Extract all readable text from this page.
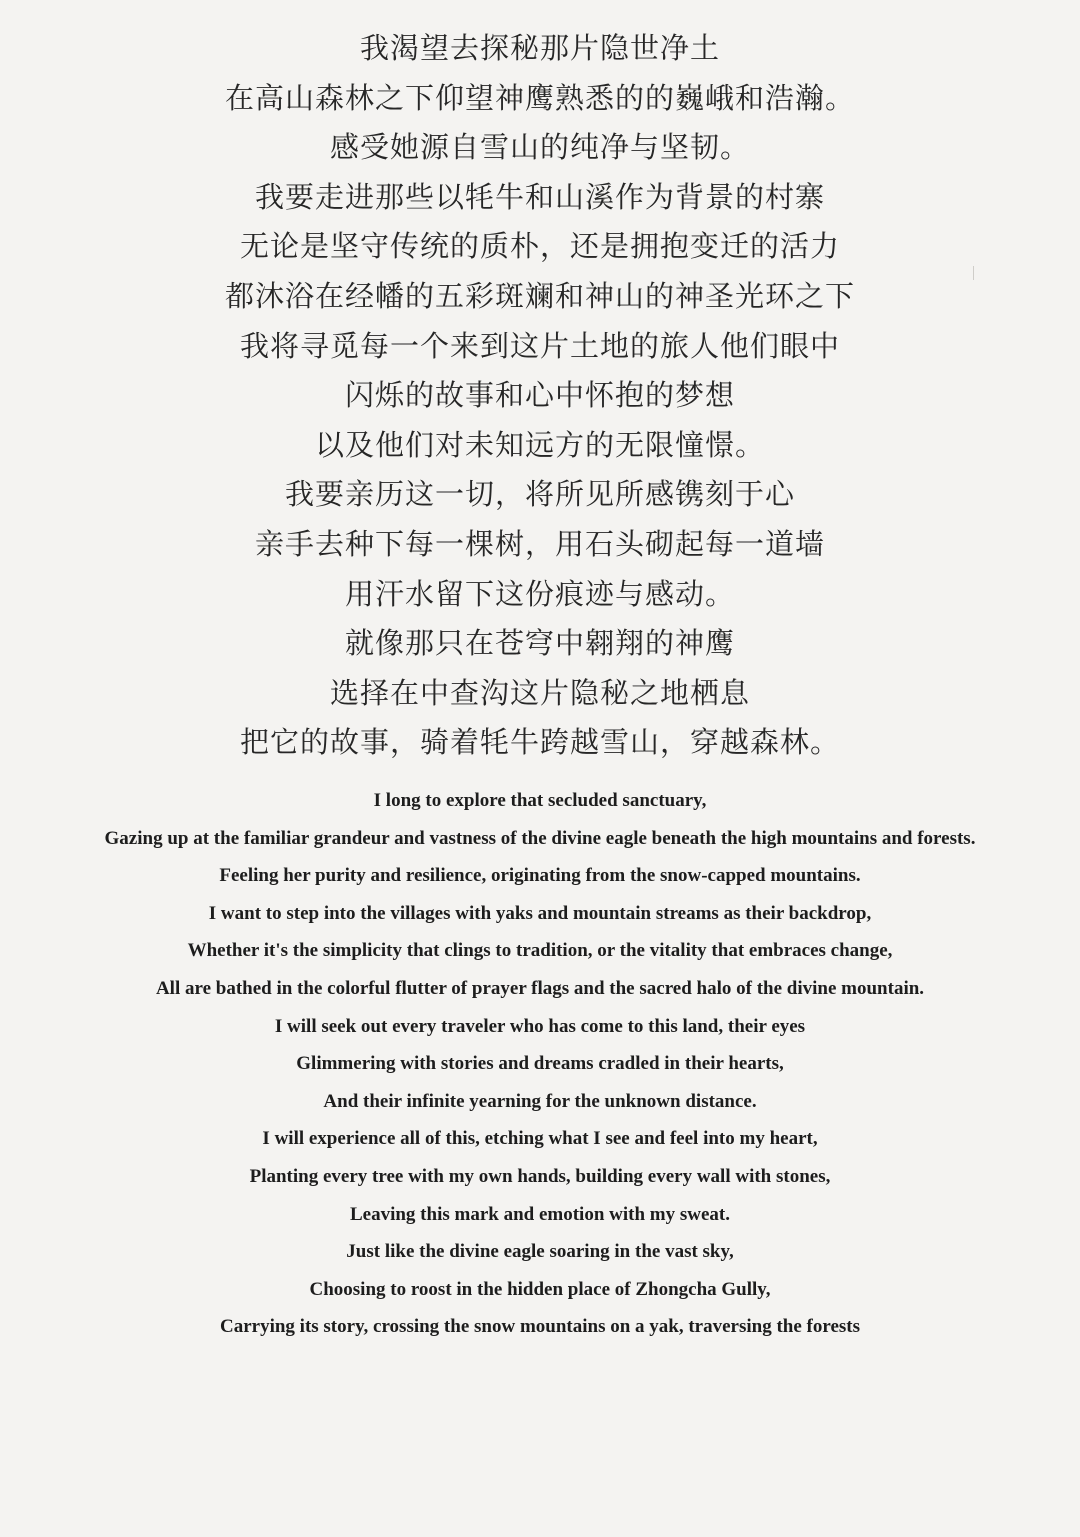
我渴望去探秘那片隐世净土
在高山森林之下仰望神鹰熟悉的的巍峨和浩瀚。
感受她源自雪山的纯净与坚韧。
我要走进那些以牦牛和山溪作为背景的村寨
无论是坚守传统的质朴，还是拥抱变迁的活力
都沐浴在经幡的五彩斑斓和神山的神圣光环之下
我将寻觅每一个来到这片土地的旅人他们眼中
闪烁的故事和心中怀抱的梦想
以及他们对未知远方的无限憧憬。
我要亲历这一切，将所见所感镌刻于心
亲手去种下每一棵树，用石头砌起每一道墙
用汗水留下这份痕迹与感动。
就像那只在苍穹中翱翔的神鹰
选择在中查沟这片隐秘之地栖息
把它的故事，骑着牦牛跨越雪山，穿越森林。
I long to explore that secluded sanctuary,
Gazing up at the familiar grandeur and vastness of the divine eagle beneath the high mountains and forests.
Feeling her purity and resilience, originating from the snow-capped mountains.
I want to step into the villages with yaks and mountain streams as their backdrop,
Whether it's the simplicity that clings to tradition, or the vitality that embraces change,
All are bathed in the colorful flutter of prayer flags and the sacred halo of the divine mountain.
I will seek out every traveler who has come to this land, their eyes
Glimmering with stories and dreams cradled in their hearts,
And their infinite yearning for the unknown distance.
I will experience all of this, etching what I see and feel into my heart,
Planting every tree with my own hands, building every wall with stones,
Leaving this mark and emotion with my sweat.
Just like the divine eagle soaring in the vast sky,
Choosing to roost in the hidden place of Zhongcha Gully,
Carrying its story, crossing the snow mountains on a yak, traversing the forests
